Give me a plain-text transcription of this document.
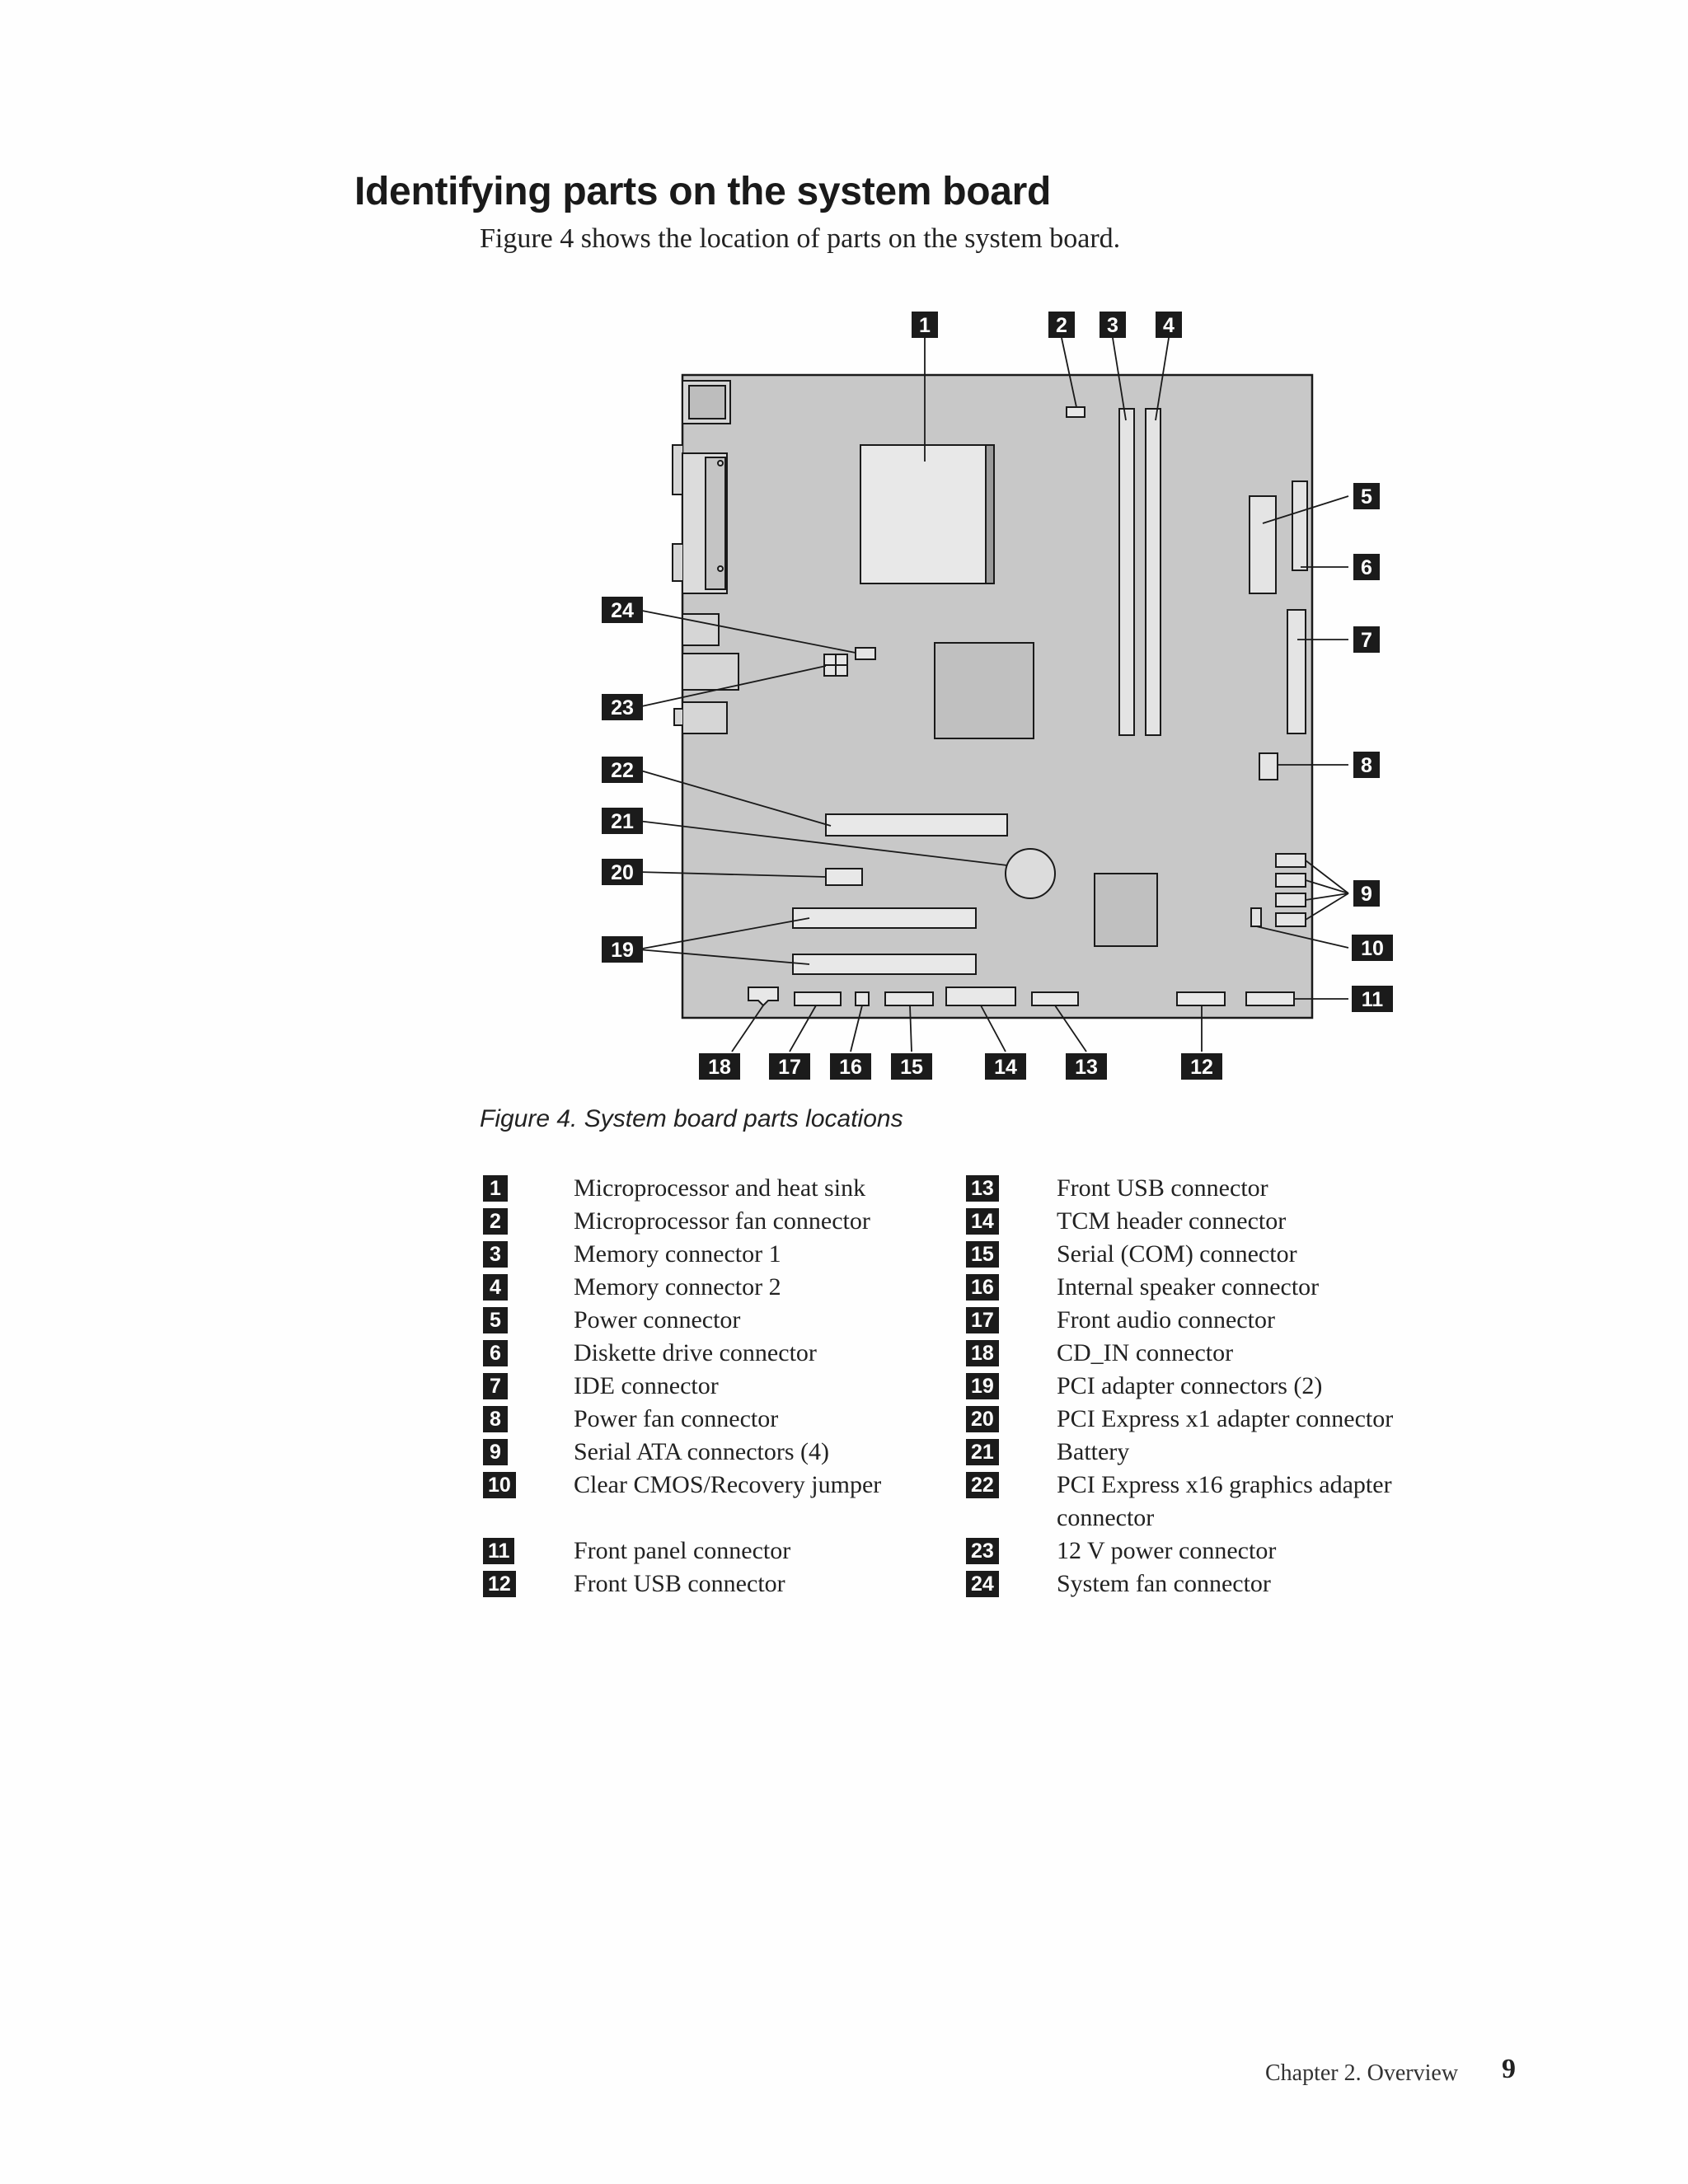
Identifying parts on the system board

Figure 4 shows the location of parts on the system board.

1	2 3 4
5
6
7
8
9
10
11
12
13
14
15
16
17
18
19
20
21
22
23
24
Figure 4. System board parts locations
1	Microprocessor and heat sink	13	Front USB connector
2	Microprocessor fan connector	14	TCM header connector
3	Memory connector 1	15	Serial (COM) connector
4	Memory connector 2	16	Internal speaker connector
5	Power connector	17	Front audio connector
6	Diskette drive connector	18	CD_IN connector
7	IDE connector	19	PCI adapter connectors (2)
8	Power fan connector	20	PCI Express x1 adapter connector
9	Serial ATA connectors (4)	21	Battery
10	Clear CMOS/Recovery jumper	22	PCI Express x16 graphics adapter connector
11	Front panel connector	23	12 V power connector
12	Front USB connector	24	System fan connector
Chapter 2. Overview 9
